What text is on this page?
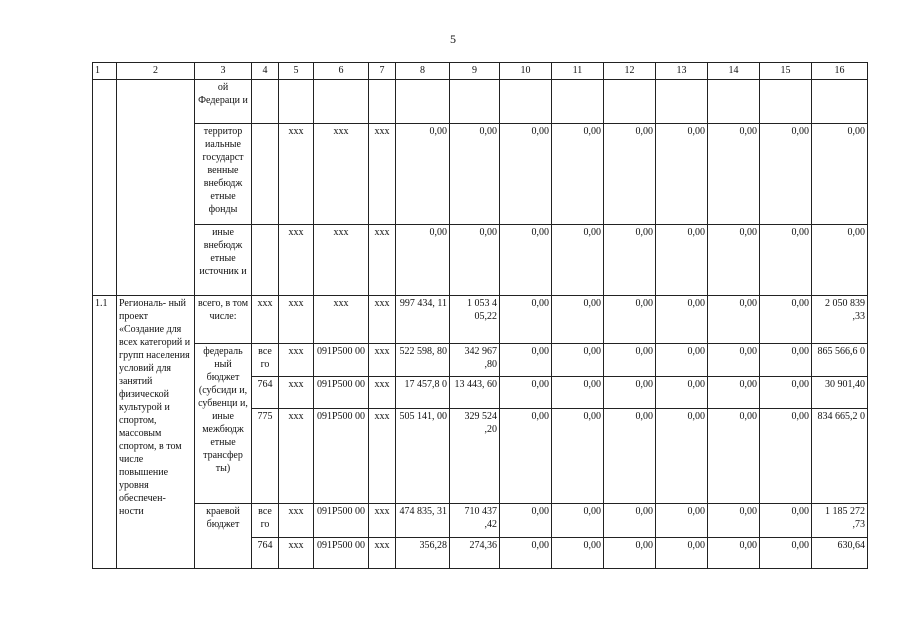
5
1	2	3	4	5	6	7	8	9	10	11	12	13	14	15	16
		ой Федераци и													
		территор иальные государст венные внебюдж етные фонды		ххх	ххх	ххх	0,00	0,00	0,00	0,00	0,00	0,00	0,00	0,00	0,00
		иные внебюдж етные источник и		ххх	ххх	ххх	0,00	0,00	0,00	0,00	0,00	0,00	0,00	0,00	0,00
1.1	Региональ- ный проект «Создание для всех категорий и групп населения условий для занятий физической культурой и спортом, массовым спортом, в том числе повышение уровня обеспечен- ности	всего, в том числе:	ххх	ххх	ххх	ххх	997 434, 11	1 053 4 05,22	0,00	0,00	0,00	0,00	0,00	0,00	2 050 839 ,33
		федераль ный бюджет (субсиди и, субвенци и, иные межбюдж етные трансфер ты)	все го	ххх	091Р500 00	ххх	522 598, 80	342 967 ,80	0,00	0,00	0,00	0,00	0,00	0,00	865 566,6 0
			764	ххх	091Р500 00	ххх	17 457,8 0	13 443, 60	0,00	0,00	0,00	0,00	0,00	0,00	30 901,40
			775	ххх	091Р500 00	ххх	505 141, 00	329 524 ,20	0,00	0,00	0,00	0,00	0,00	0,00	834 665,2 0
		краевой бюджет	все го	ххх	091Р500 00	ххх	474 835, 31	710 437 ,42	0,00	0,00	0,00	0,00	0,00	0,00	1 185 272 ,73
			764	ххх	091Р500 00	ххх	356,28	274,36	0,00	0,00	0,00	0,00	0,00	0,00	630,64
